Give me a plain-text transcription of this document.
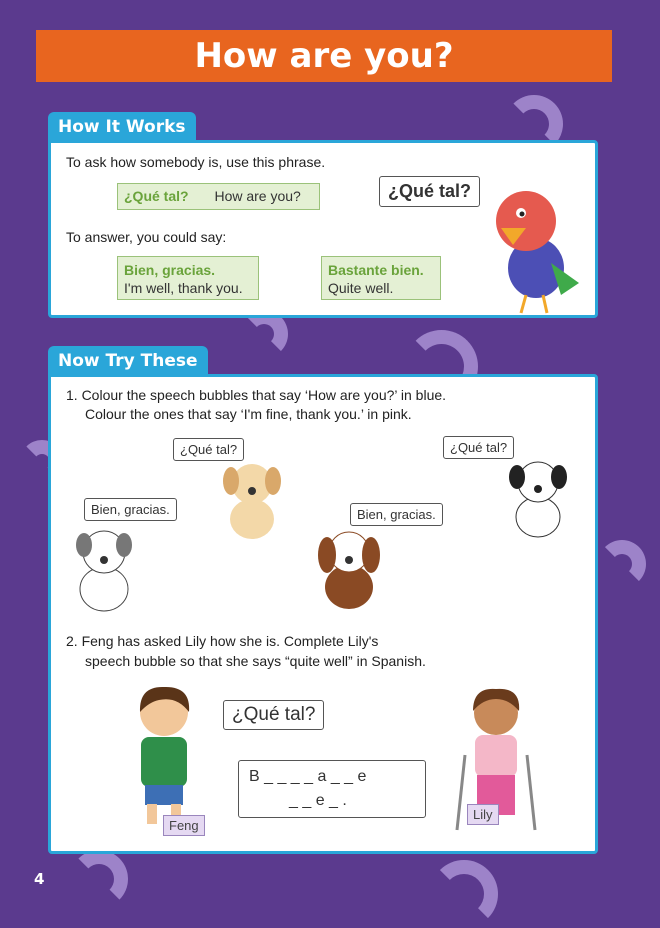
How are you?
How It Works
To ask how somebody is, use this phrase.
¿Qué tal? How are you?	¿Qué tal?
To answer, you could say:
Bien, gracias.
I'm well, thank you.
Bastante bien.
Quite well.
Now Try These
1. Colour the speech bubbles that say ‘How are you?’ in blue.
Colour the ones that say ‘I'm fine, thank you.’ in pink.
¿Qué tal?	¿Qué tal?
Bien, gracias.	Bien, gracias.
2. Feng has asked Lily how she is. Complete Lily's
speech bubble so that she says “quite well” in Spanish.
Feng
¿Qué tal?
B _ _ _ _ a _ _ e
_ _ e _ .
Lily
4
